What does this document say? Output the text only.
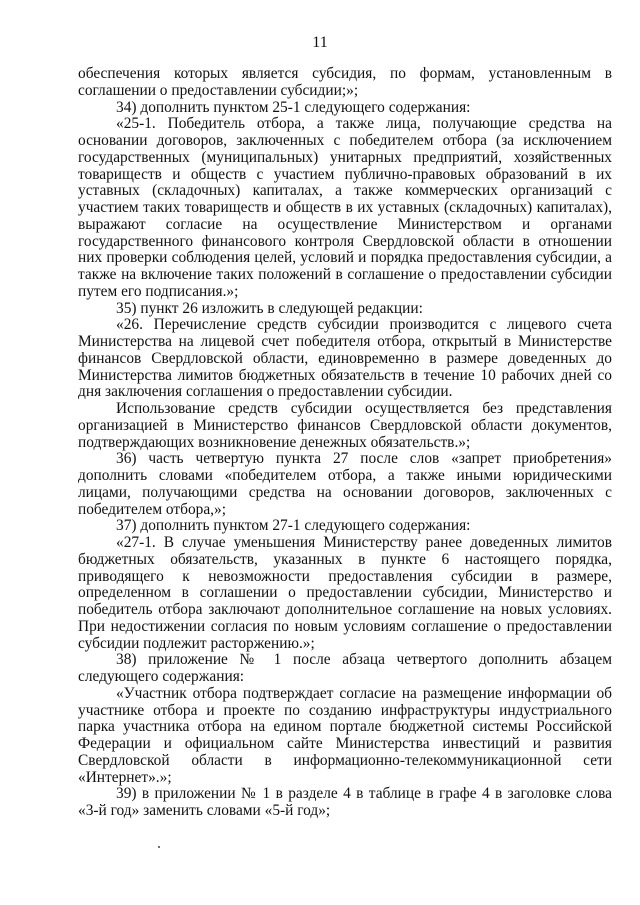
11

обеспечения которых является субсидия, по формам, установленным в соглашении о предоставлении субсидии;»;

34) дополнить пунктом 25-1 следующего содержания:

«25-1. Победитель отбора, а также лица, получающие средства на основании договоров, заключенных с победителем отбора (за исключением государственных (муниципальных) унитарных предприятий, хозяйственных товариществ и обществ с участием публично-правовых образований в их уставных (складочных) капиталах, а также коммерческих организаций с участием таких товариществ и обществ в их уставных (складочных) капиталах), выражают согласие на осуществление Министерством и органами государственного финансового контроля Свердловской области в отношении них проверки соблюдения целей, условий и порядка предоставления субсидии, а также на включение таких положений в соглашение о предоставлении субсидии путем его подписания.»;

35) пункт 26 изложить в следующей редакции:

«26. Перечисление средств субсидии производится с лицевого счета Министерства на лицевой счет победителя отбора, открытый в Министерстве финансов Свердловской области, единовременно в размере доведенных до Министерства лимитов бюджетных обязательств в течение 10 рабочих дней со дня заключения соглашения о предоставлении субсидии.

Использование средств субсидии осуществляется без представления организацией в Министерство финансов Свердловской области документов, подтверждающих возникновение денежных обязательств.»;

36) часть четвертую пункта 27 после слов «запрет приобретения» дополнить словами «победителем отбора, а также иными юридическими лицами, получающими средства на основании договоров, заключенных с победителем отбора,»;

37) дополнить пунктом 27-1 следующего содержания:

«27-1. В случае уменьшения Министерству ранее доведенных лимитов бюджетных обязательств, указанных в пункте 6 настоящего порядка, приводящего к невозможности предоставления субсидии в размере, определенном в соглашении о предоставлении субсидии, Министерство и победитель отбора заключают дополнительное соглашение на новых условиях. При недостижении согласия по новым условиям соглашение о предоставлении субсидии подлежит расторжению.»;

38) приложение № 1 после абзаца четвертого дополнить абзацем следующего содержания:

«Участник отбора подтверждает согласие на размещение информации об участнике отбора и проекте по созданию инфраструктуры индустриального парка участника отбора на едином портале бюджетной системы Российской Федерации и официальном сайте Министерства инвестиций и развития Свердловской области в информационно-телекоммуникационной сети «Интернет».»;

39) в приложении № 1 в разделе 4 в таблице в графе 4 в заголовке слова «3-й год» заменить словами «5-й год»;
